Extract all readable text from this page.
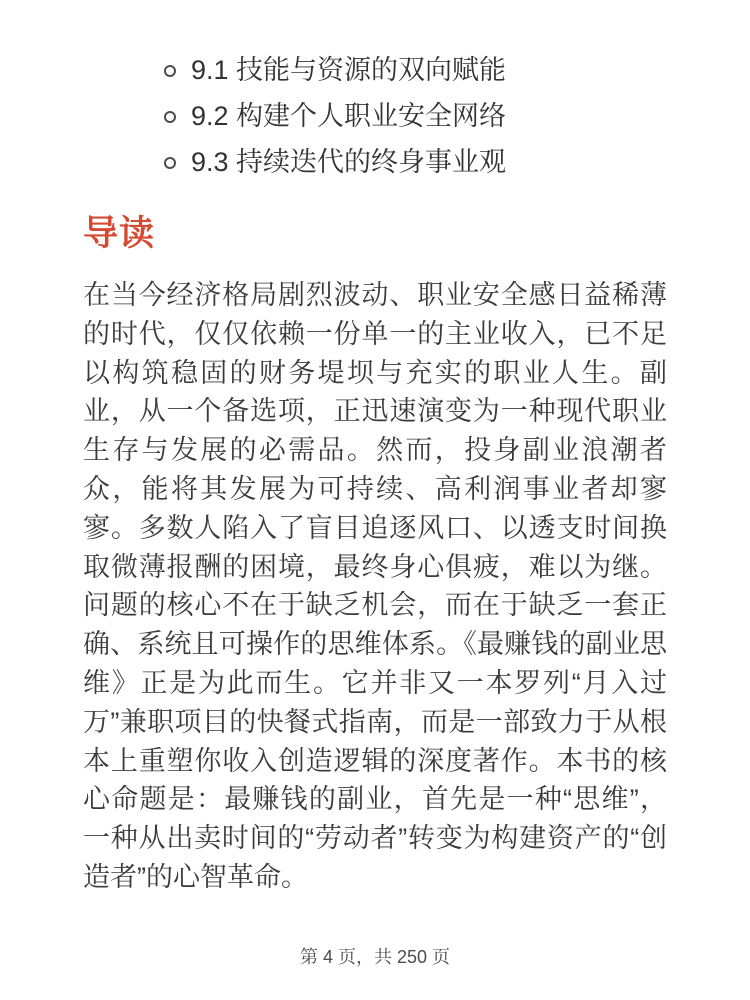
9.1 技能与资源的双向赋能
9.2 构建个人职业安全网络
9.3 持续迭代的终身事业观
导读

在当今经济格局剧烈波动、职业安全感日益稀薄的时代，仅仅依赖一份单一的主业收入，已不足以构筑稳固的财务堤坝与充实的职业人生。副业，从一个备选项，正迅速演变为一种现代职业生存与发展的必需品。然而，投身副业浪潮者众，能将其发展为可持续、高利润事业者却寥寥。多数人陷入了盲目追逐风口、以透支时间换取微薄报酬的困境，最终身心俱疲，难以为继。问题的核心不在于缺乏机会，而在于缺乏一套正确、系统且可操作的思维体系。《最赚钱的副业思维》正是为此而生。它并非又一本罗列“月入过万”兼职项目的快餐式指南，而是一部致力于从根本上重塑你收入创造逻辑的深度著作。本书的核心命题是：最赚钱的副业，首先是一种“思维”，一种从出卖时间的“劳动者”转变为构建资产的“创造者”的心智革命。

第 4 页，共 250 页
